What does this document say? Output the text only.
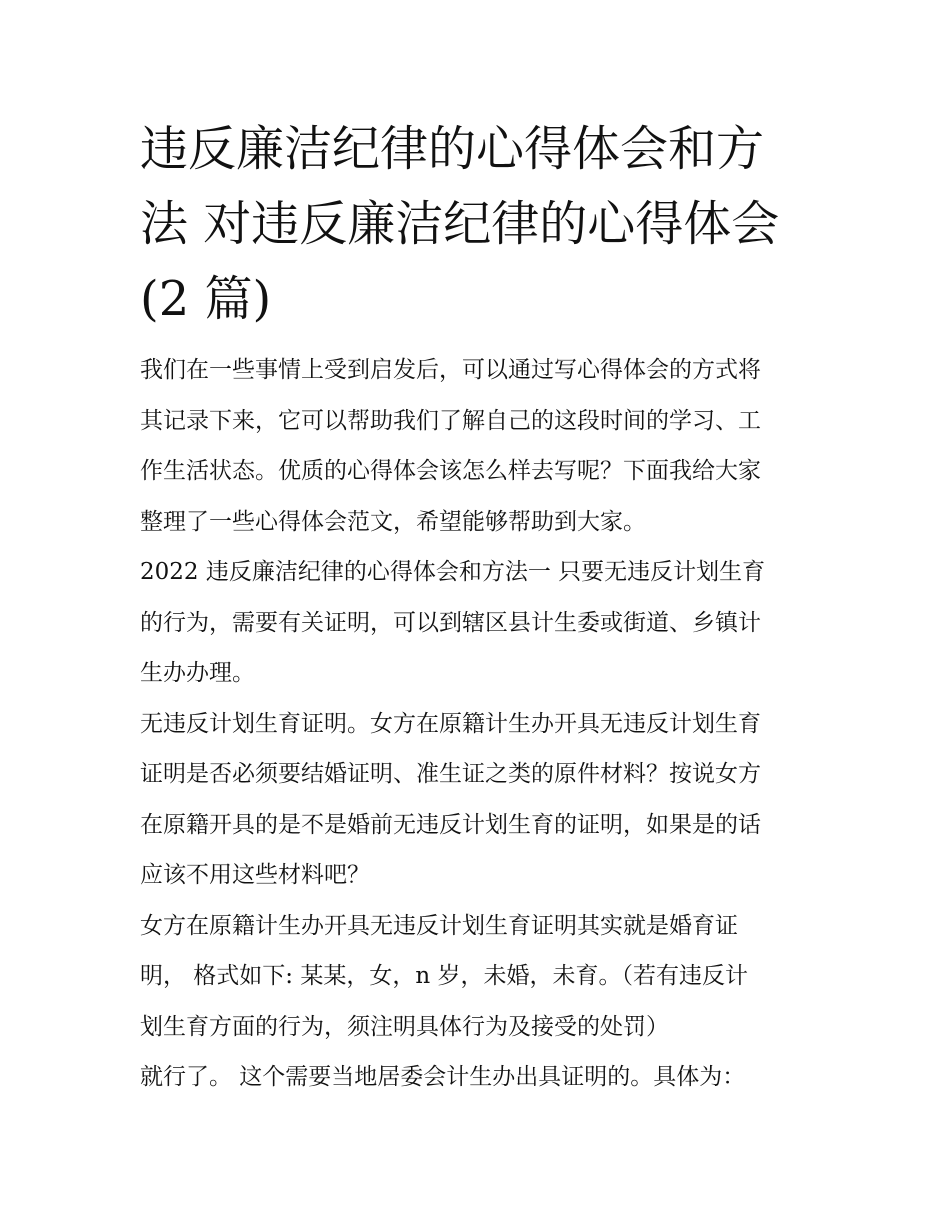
违反廉洁纪律的心得体会和方
法 对违反廉洁纪律的心得体会
(2 篇)

我们在一些事情上受到启发后，可以通过写心得体会的方式将
其记录下来，它可以帮助我们了解自己的这段时间的学习、工
作生活状态。优质的心得体会该怎么样去写呢？下面我给大家
整理了一些心得体会范文，希望能够帮助到大家。

2022 违反廉洁纪律的心得体会和方法一 只要无违反计划生育
的行为，需要有关证明，可以到辖区县计生委或街道、乡镇计
生办办理。

无违反计划生育证明。女方在原籍计生办开具无违反计划生育
证明是否必须要结婚证明、准生证之类的原件材料？按说女方
在原籍开具的是不是婚前无违反计划生育的证明，如果是的话
应该不用这些材料吧？

女方在原籍计生办开具无违反计划生育证明其实就是婚育证
明， 格式如下: 某某，女，n 岁，未婚，未育。（若有违反计
划生育方面的行为，须注明具体行为及接受的处罚）

就行了。 这个需要当地居委会计生办出具证明的。具体为：
